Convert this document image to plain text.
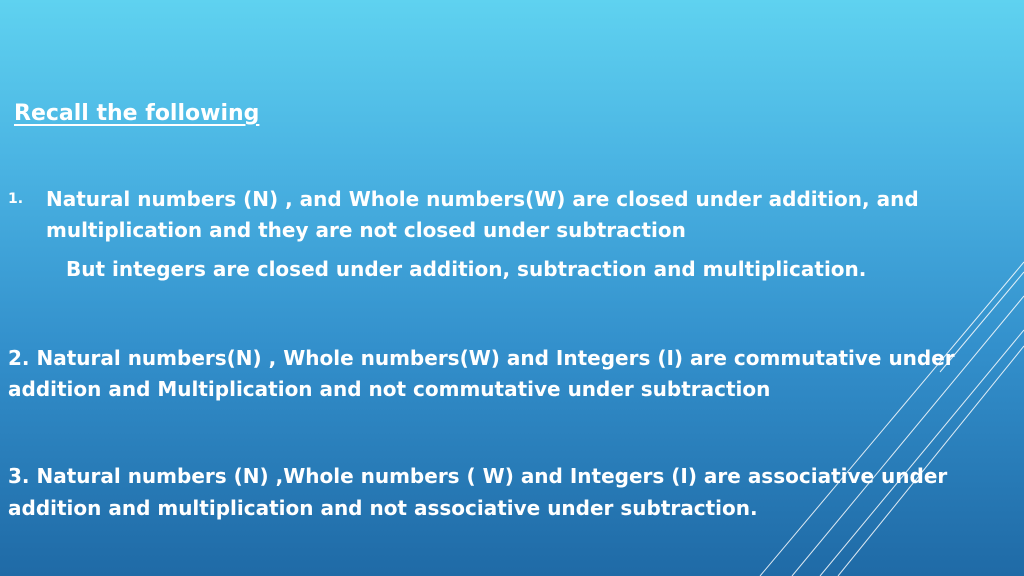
Recall the following
1. Natural numbers (N) , and Whole numbers(W) are closed under addition, and multiplication and they are not closed under subtraction
But integers are closed under addition, subtraction and multiplication.
2. Natural numbers(N) , Whole numbers(W) and Integers (I) are commutative under addition and Multiplication and not commutative under subtraction
3. Natural numbers (N) ,Whole numbers ( W) and Integers (I) are associative under addition and multiplication and not associative under subtraction.
